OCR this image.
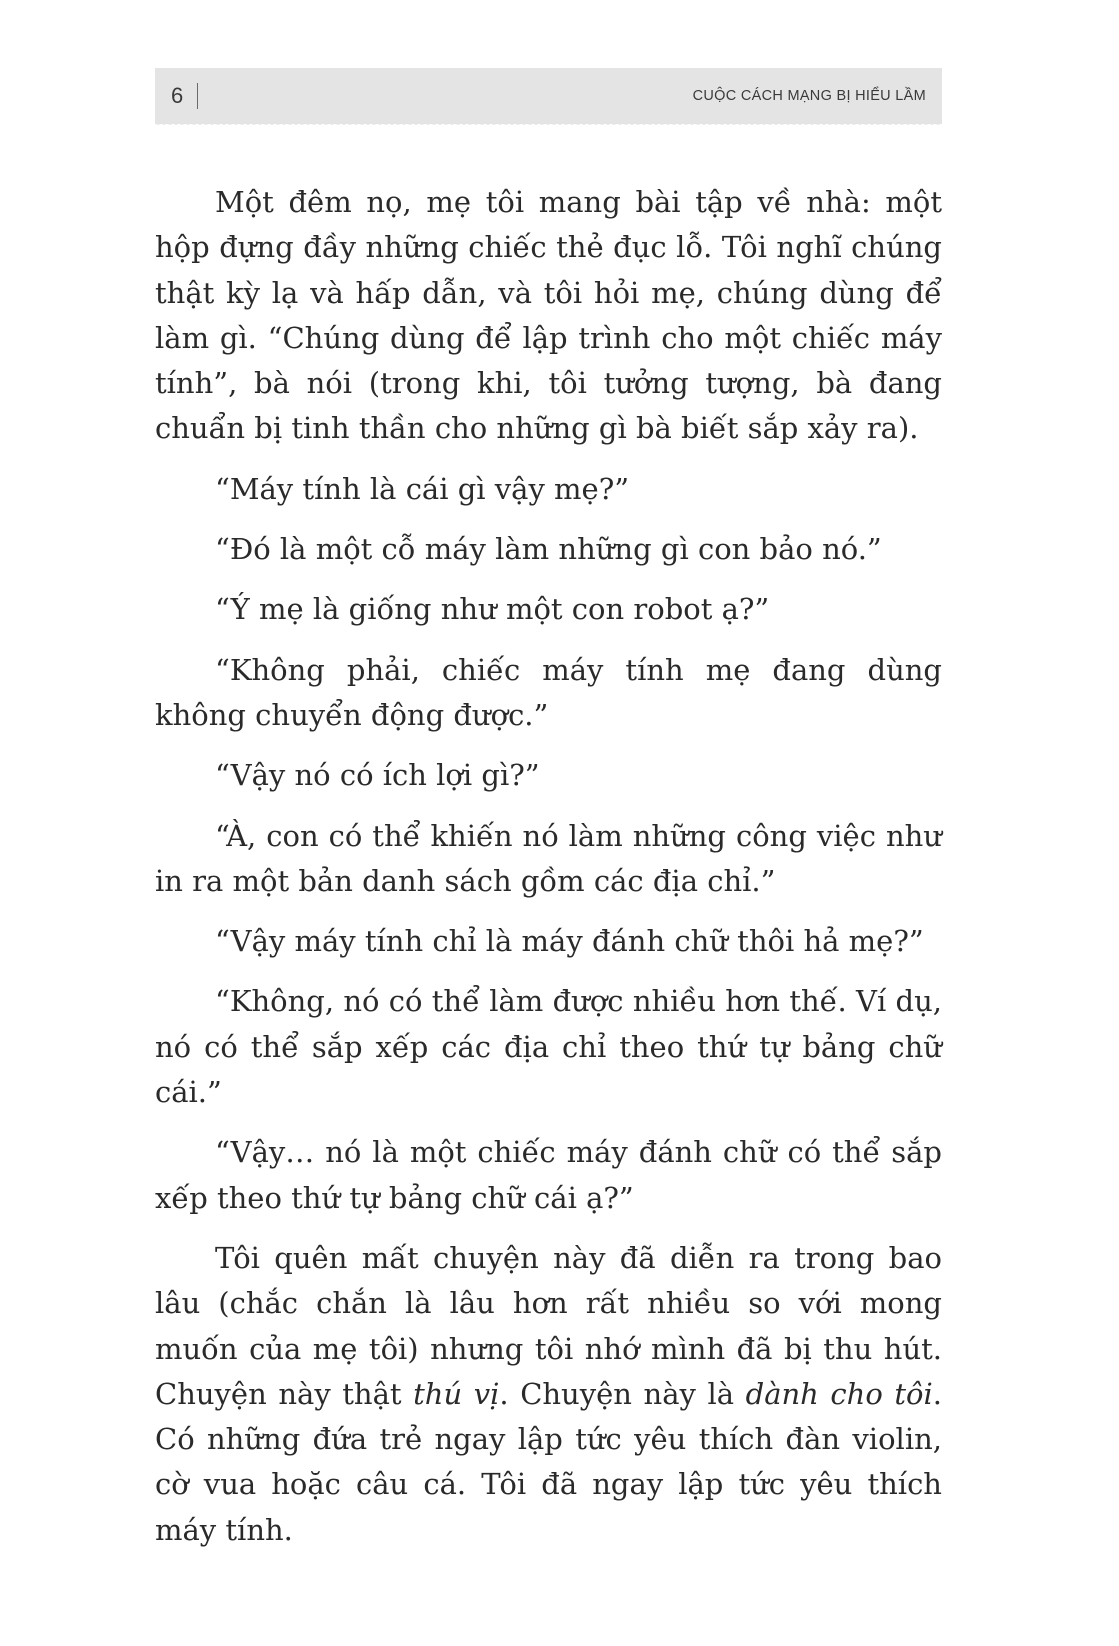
6	CUỘC CÁCH MẠNG BỊ HIỂU LẦM

Một đêm nọ, mẹ tôi mang bài tập về nhà: một hộp đựng đầy những chiếc thẻ đục lỗ. Tôi nghĩ chúng thật kỳ lạ và hấp dẫn, và tôi hỏi mẹ, chúng dùng để làm gì. “Chúng dùng để lập trình cho một chiếc máy tính”, bà nói (trong khi, tôi tưởng tượng, bà đang chuẩn bị tinh thần cho những gì bà biết sắp xảy ra).

“Máy tính là cái gì vậy mẹ?”

“Đó là một cỗ máy làm những gì con bảo nó.”

“Ý mẹ là giống như một con robot ạ?”

“Không phải, chiếc máy tính mẹ đang dùng không chuyển động được.”

“Vậy nó có ích lợi gì?”

“À, con có thể khiến nó làm những công việc như in ra một bản danh sách gồm các địa chỉ.”

“Vậy máy tính chỉ là máy đánh chữ thôi hả mẹ?”

“Không, nó có thể làm được nhiều hơn thế. Ví dụ, nó có thể sắp xếp các địa chỉ theo thứ tự bảng chữ cái.”

“Vậy… nó là một chiếc máy đánh chữ có thể sắp xếp theo thứ tự bảng chữ cái ạ?”

Tôi quên mất chuyện này đã diễn ra trong bao lâu (chắc chắn là lâu hơn rất nhiều so với mong muốn của mẹ tôi) nhưng tôi nhớ mình đã bị thu hút. Chuyện này thật thú vị. Chuyện này là dành cho tôi. Có những đứa trẻ ngay lập tức yêu thích đàn violin, cờ vua hoặc câu cá. Tôi đã ngay lập tức yêu thích máy tính.
